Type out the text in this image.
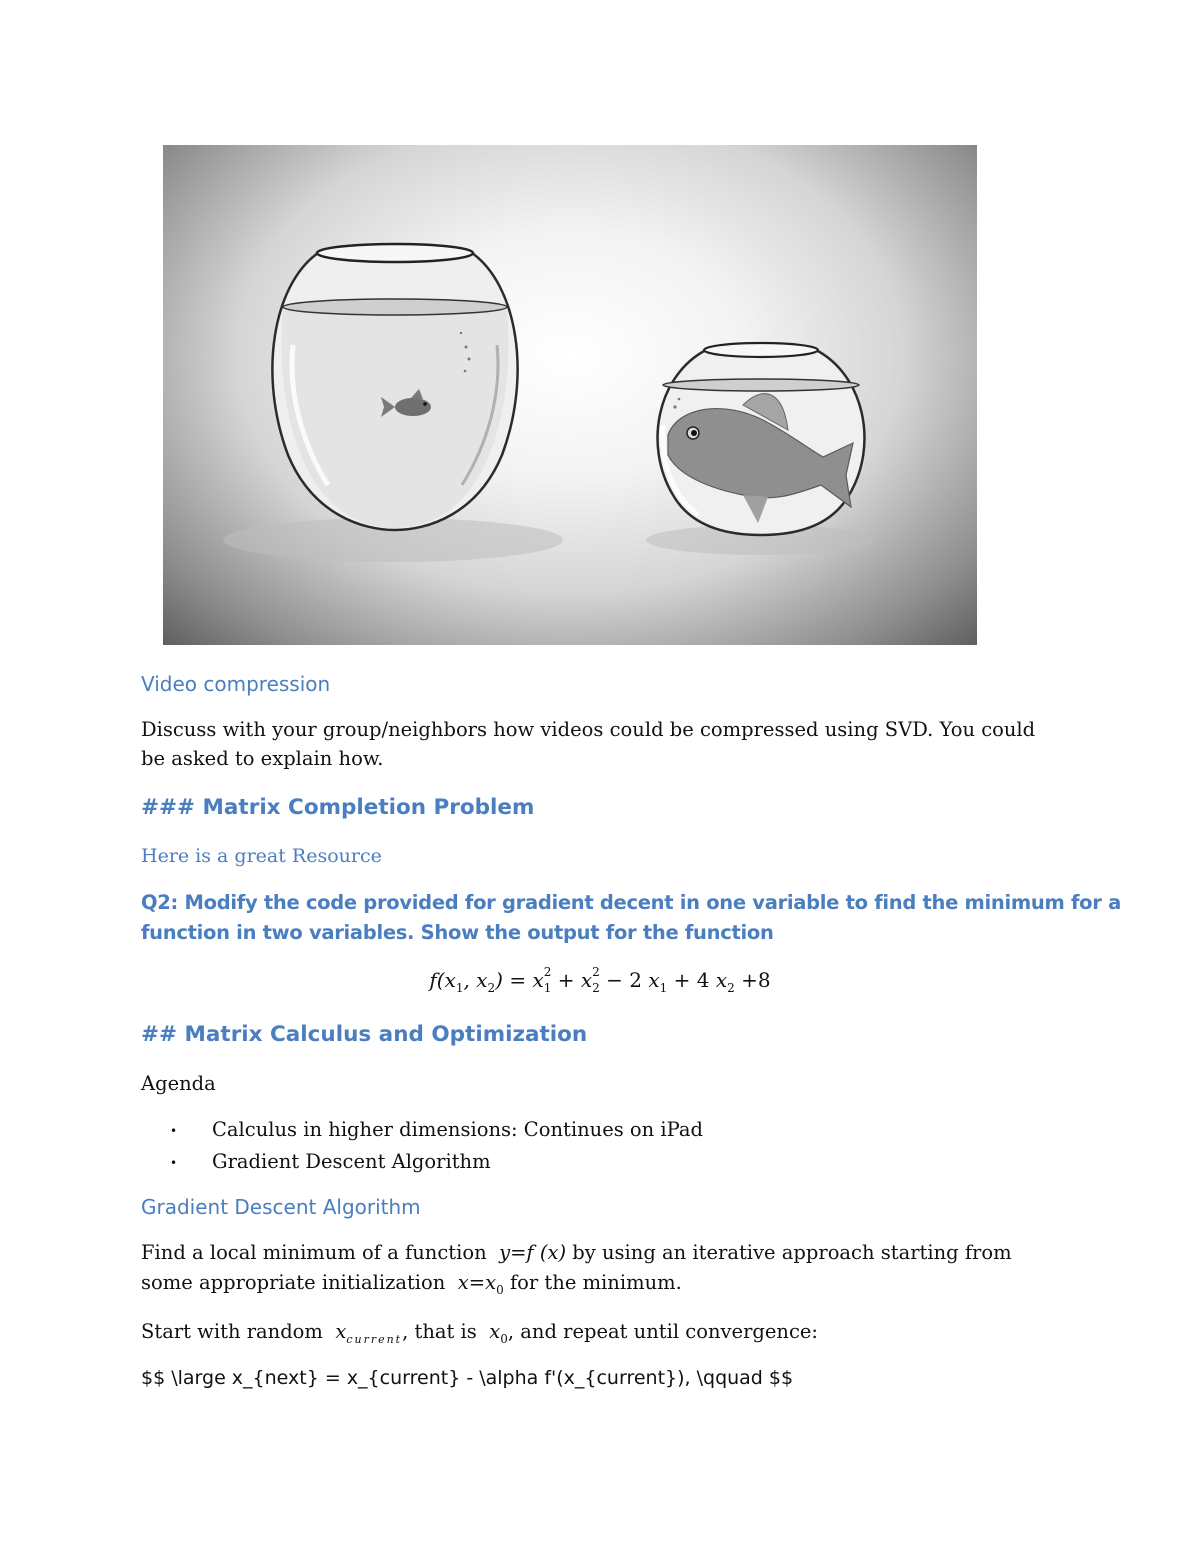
Video compression
Discuss with your group/neighbors how videos could be compressed using SVD. You could
be asked to explain how.
### Matrix Completion Problem
Here is a great Resource
Q2: Modify the code provided for gradient decent in one variable to find the minimum for a
function in two variables. Show the output for the function
$f(x_1$, $x_2) = x$ $_{2 1}$ + x $_{2 2}$ − 2 $x_1 + 4$ $x_2 +8$
## Matrix Calculus and Optimization
Agenda
• Calculus in higher dimensions: Continues on iPad
• Gradient Descent Algorithm
Gradient Descent Algorithm
Find a local minimum of a function  y=f (x) by using an iterative approach starting from
some appropriate initialization  $x=x_0$ for the minimum.
Start with random  $x_{current}$, that is  $x_0$, and repeat until convergence:
$$ \large x_{next} = x_{current} - \alpha f'(x_{current}), \qquad $$
